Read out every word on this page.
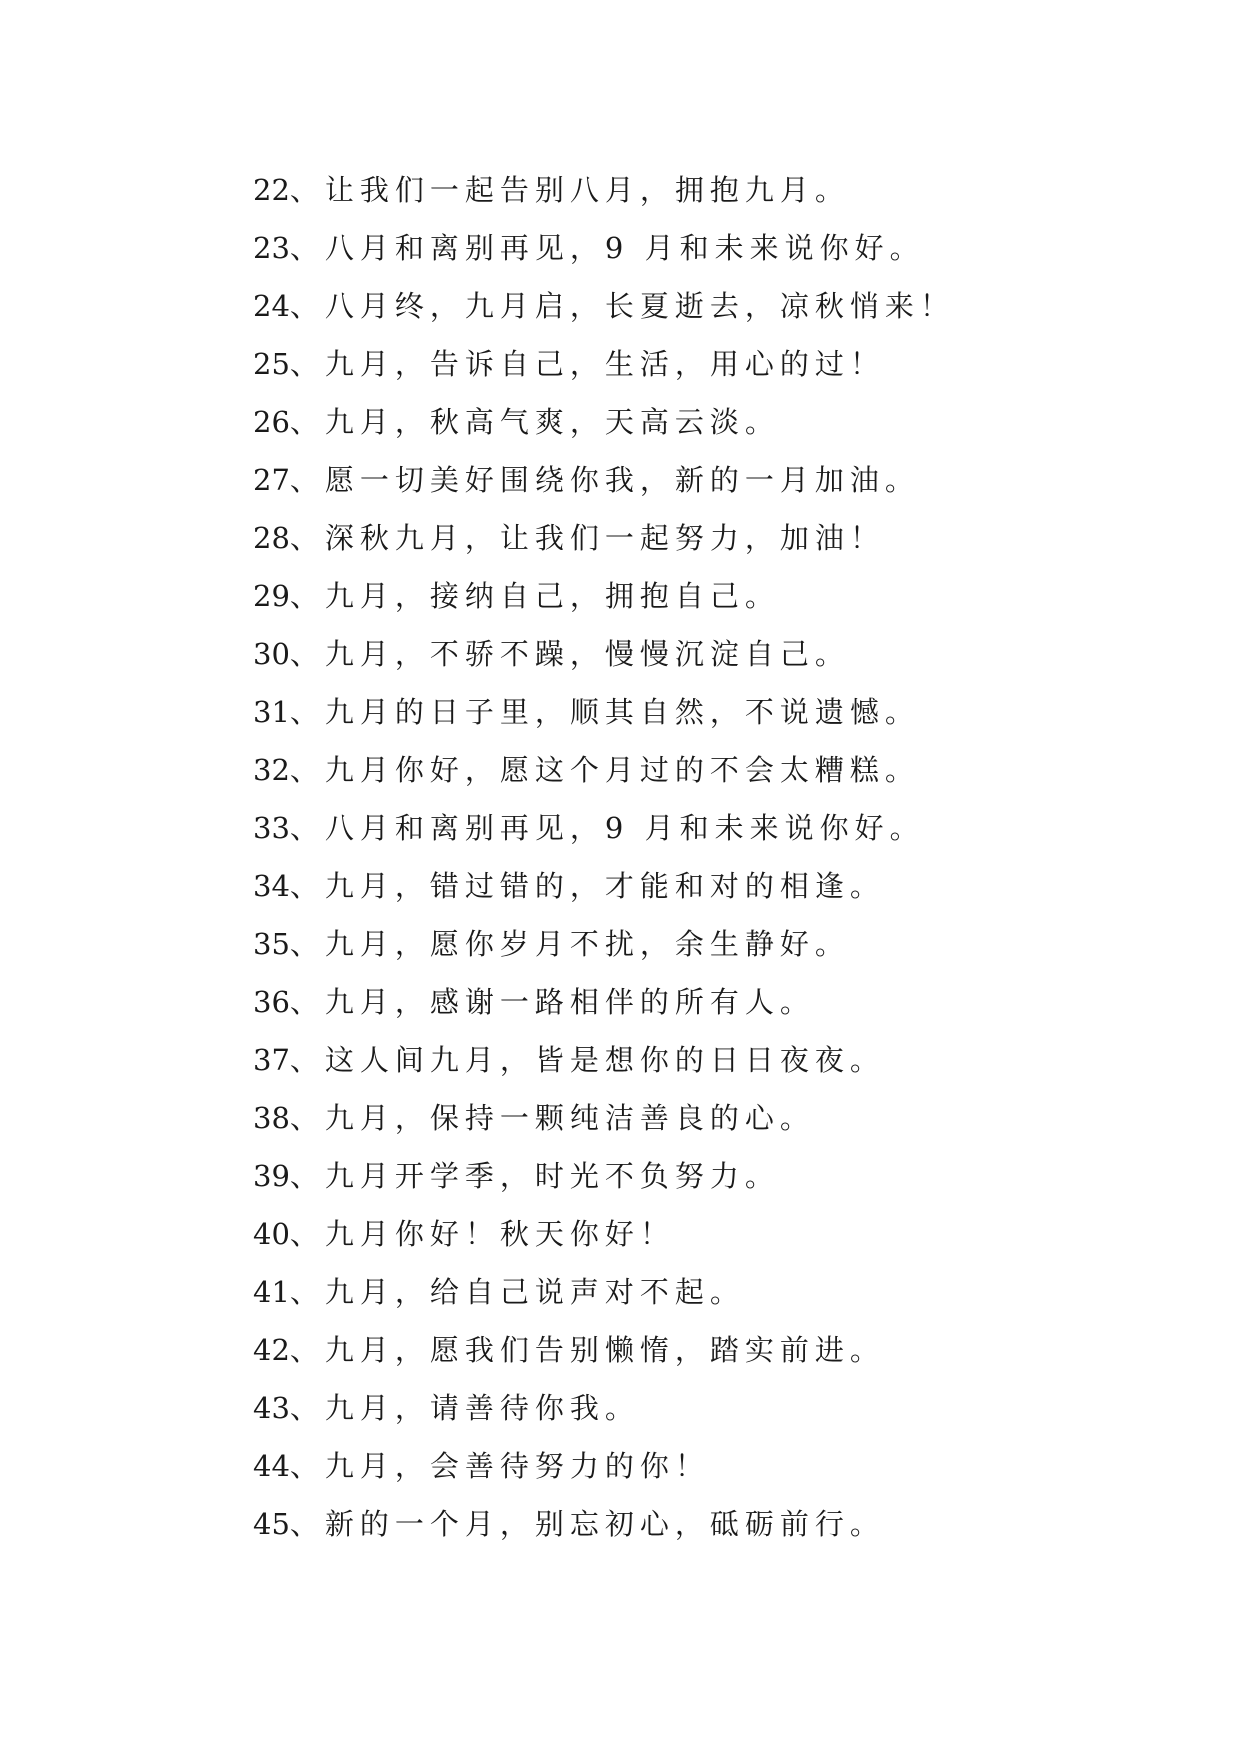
22、让我们一起告别八月，拥抱九月。
23、八月和离别再见，9 月和未来说你好。
24、八月终，九月启，长夏逝去，凉秋悄来！
25、九月，告诉自己，生活，用心的过！
26、九月，秋高气爽，天高云淡。
27、愿一切美好围绕你我，新的一月加油。
28、深秋九月，让我们一起努力，加油！
29、九月，接纳自己，拥抱自己。
30、九月，不骄不躁，慢慢沉淀自己。
31、九月的日子里，顺其自然，不说遗憾。
32、九月你好，愿这个月过的不会太糟糕。
33、八月和离别再见，9 月和未来说你好。
34、九月，错过错的，才能和对的相逢。
35、九月，愿你岁月不扰，余生静好。
36、九月，感谢一路相伴的所有人。
37、这人间九月，皆是想你的日日夜夜。
38、九月，保持一颗纯洁善良的心。
39、九月开学季，时光不负努力。
40、九月你好！秋天你好！
41、九月，给自己说声对不起。
42、九月，愿我们告别懒惰，踏实前进。
43、九月，请善待你我。
44、九月，会善待努力的你！
45、新的一个月，别忘初心，砥砺前行。
